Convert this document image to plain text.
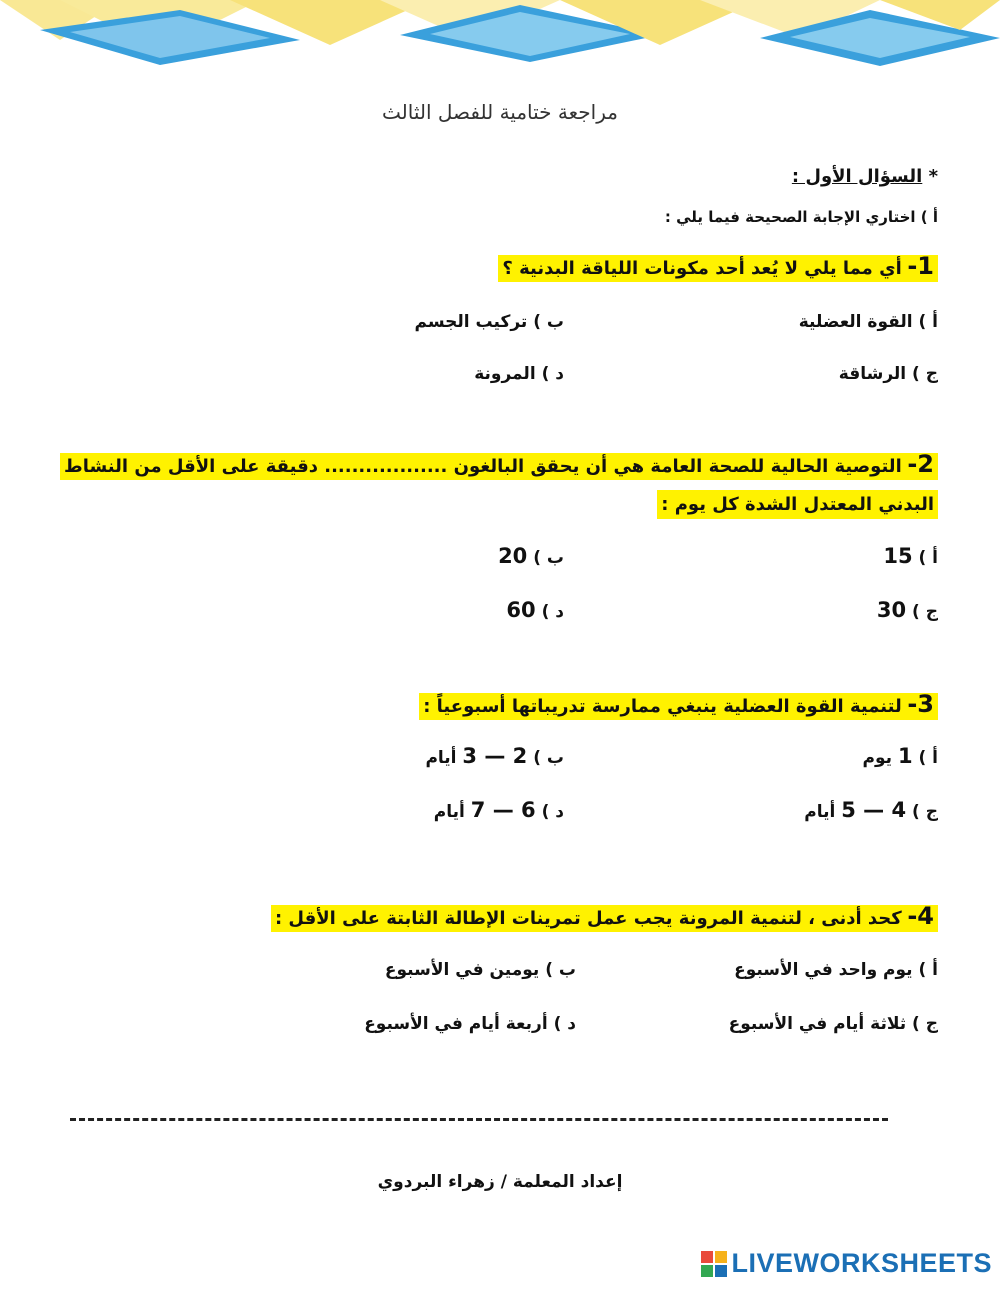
مراجعة ختامية للفصل الثالث
* السؤال الأول :
أ ) اختاري الإجابة الصحيحة فيما يلي :
1- أي مما يلي لا يُعد أحد مكونات اللياقة البدنية ؟
أ ) القوة العضلية
ب ) تركيب الجسم
ج ) الرشاقة
د ) المرونة
2- التوصية الحالية للصحة العامة هي أن يحقق البالغون .................. دقيقة على الأقل من النشاط
البدني المعتدل الشدة كل يوم :
أ ) 15
ب ) 20
ج ) 30
د ) 60
3- لتنمية القوة العضلية ينبغي ممارسة تدريباتها أسبوعياً :
أ ) 1 يوم
ب ) 2 — 3 أيام
ج ) 4 — 5 أيام
د ) 6 — 7 أيام
4- كحد أدنى ، لتنمية المرونة يجب عمل تمرينات الإطالة الثابتة على الأقل :
أ ) يوم واحد في الأسبوع
ب ) يومين في الأسبوع
ج ) ثلاثة أيام في الأسبوع
د ) أربعة أيام في الأسبوع
إعداد المعلمة / زهراء البردوي
LIVEWORKSHEETS
